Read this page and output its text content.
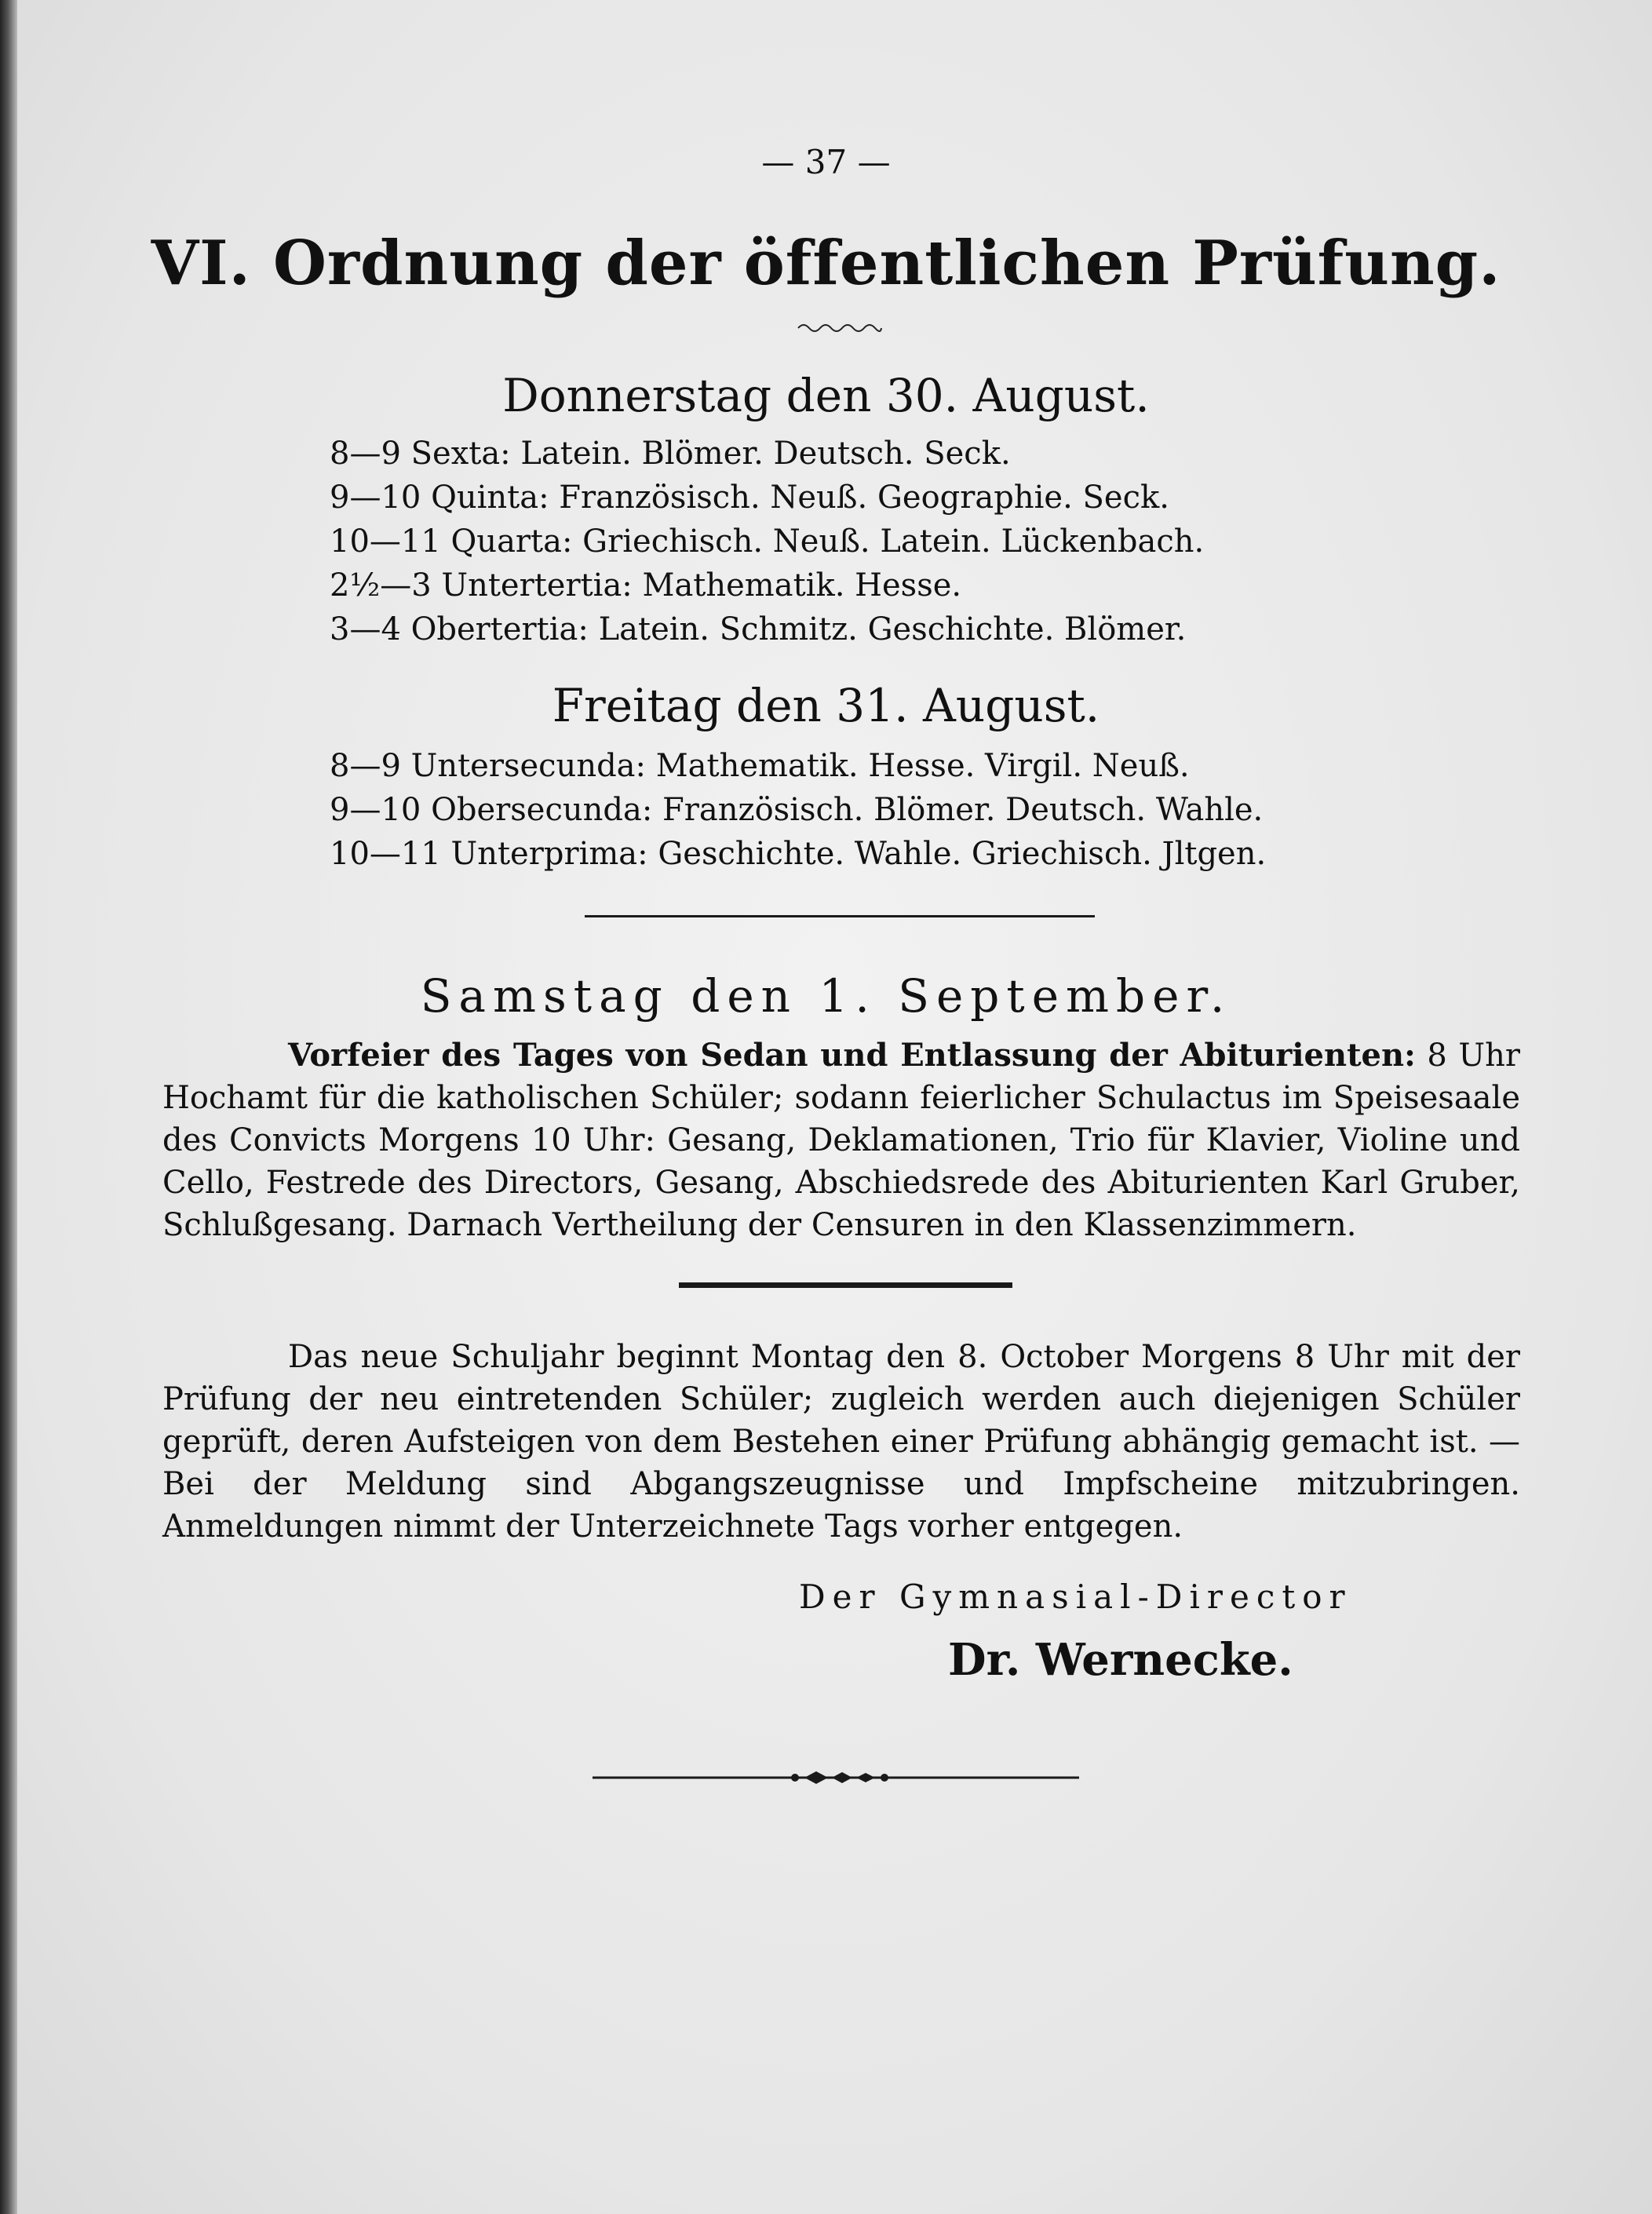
— 37 —
VI. Ordnung der öffentlichen Prüfung.
Donnerstag den 30. August.
8—9 Sexta: Latein. Blömer. Deutsch. Seck.
9—10 Quinta: Französisch. Neuß. Geographie. Seck.
10—11 Quarta: Griechisch. Neuß. Latein. Lückenbach.
2½—3 Untertertia: Mathematik. Hesse.
3—4 Obertertia: Latein. Schmitz. Geschichte. Blömer.
Freitag den 31. August.
8—9 Untersecunda: Mathematik. Hesse. Virgil. Neuß.
9—10 Obersecunda: Französisch. Blömer. Deutsch. Wahle.
10—11 Unterprima: Geschichte. Wahle. Griechisch. Jltgen.
Samstag den 1. September.
Vorfeier des Tages von Sedan und Entlassung der Abiturienten: 8 Uhr Hochamt für die katholischen Schüler; sodann feierlicher Schulactus im Speisesaale des Convicts Morgens 10 Uhr: Gesang, Deklamationen, Trio für Klavier, Violine und Cello, Festrede des Directors, Gesang, Abschiedsrede des Abiturienten Karl Gruber, Schlußgesang. Darnach Vertheilung der Censuren in den Klassenzimmern.
Das neue Schuljahr beginnt Montag den 8. October Morgens 8 Uhr mit der Prüfung der neu eintretenden Schüler; zugleich werden auch diejenigen Schüler geprüft, deren Aufsteigen von dem Bestehen einer Prüfung abhängig gemacht ist. — Bei der Meldung sind Abgangszeugnisse und Impfscheine mitzubringen. Anmeldungen nimmt der Unterzeichnete Tags vorher entgegen.
Der Gymnasial-Director
Dr. Wernecke.
